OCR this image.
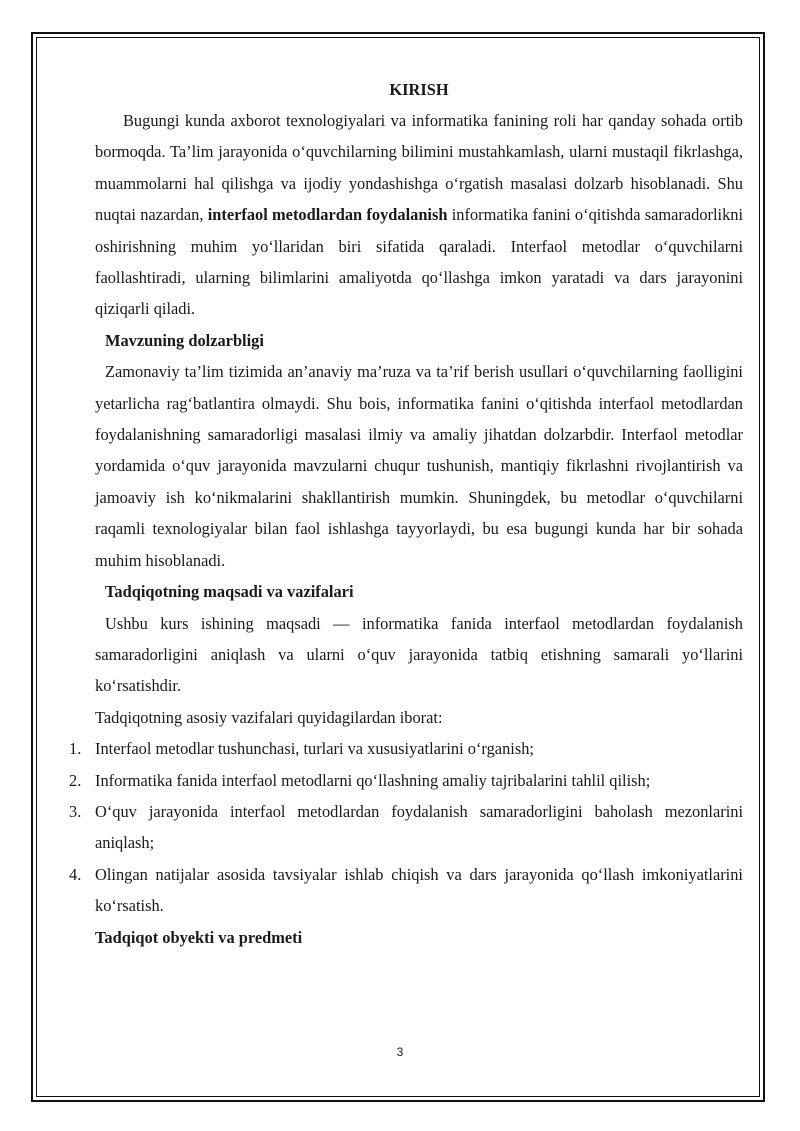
KIRISH

Bugungi kunda axborot texnologiyalari va informatika fanining roli har qanday sohada ortib bormoqda. Ta’lim jarayonida o‘quvchilarning bilimini mustahkamlash, ularni mustaqil fikrlashga, muammolarni hal qilishga va ijodiy yondashishga o‘rgatish masalasi dolzarb hisoblanadi. Shu nuqtai nazardan, interfaol metodlardan foydalanish informatika fanini o‘qitishda samaradorlikni oshirishning muhim yo‘llaridan biri sifatida qaraladi. Interfaol metodlar o‘quvchilarni faollashtiradi, ularning bilimlarini amaliyotda qo‘llashga imkon yaratadi va dars jarayonini qiziqarli qiladi.

Mavzuning dolzarbligi

Zamonaviy ta’lim tizimida an’anaviy ma’ruza va ta’rif berish usullari o‘quvchilarning faolligini yetarlicha rag‘batlantira olmaydi. Shu bois, informatika fanini o‘qitishda interfaol metodlardan foydalanishning samaradorligi masalasi ilmiy va amaliy jihatdan dolzarbdir. Interfaol metodlar yordamida o‘quv jarayonida mavzularni chuqur tushunish, mantiqiy fikrlashni rivojlantirish va jamoaviy ish ko‘nikmalarini shakllantirish mumkin. Shuningdek, bu metodlar o‘quvchilarni raqamli texnologiyalar bilan faol ishlashga tayyorlaydi, bu esa bugungi kunda har bir sohada muhim hisoblanadi.

Tadqiqotning maqsadi va vazifalari

Ushbu kurs ishining maqsadi — informatika fanida interfaol metodlardan foydalanish samaradorligini aniqlash va ularni o‘quv jarayonida tatbiq etishning samarali yo‘llarini ko‘rsatishdir.

Tadqiqotning asosiy vazifalari quyidagilardan iborat:

1. Interfaol metodlar tushunchasi, turlari va xususiyatlarini o‘rganish;
2. Informatika fanida interfaol metodlarni qo‘llashning amaliy tajribalarini tahlil qilish;
3. O‘quv jarayonida interfaol metodlardan foydalanish samaradorligini baholash mezonlarini aniqlash;
4. Olingan natijalar asosida tavsiyalar ishlab chiqish va dars jarayonida qo‘llash imkoniyatlarini ko‘rsatish.

Tadqiqot obyekti va predmeti

3
